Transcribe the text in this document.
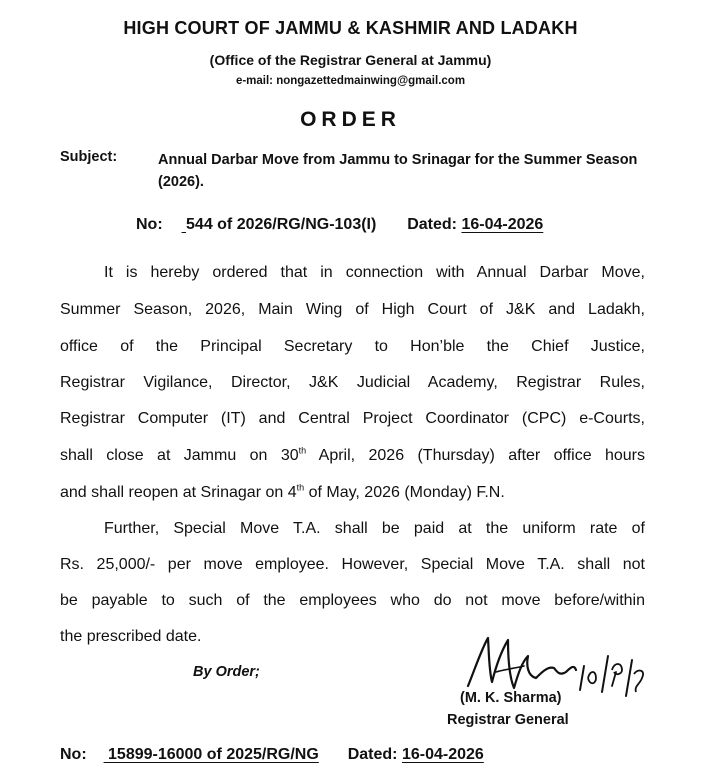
HIGH COURT OF JAMMU & KASHMIR AND LADAKH
(Office of the Registrar General at Jammu)
e-mail: nongazettedmainwing@gmail.com
ORDER
Subject:	Annual Darbar Move from Jammu to Srinagar for the Summer Season (2026).
No: 544 of 2026/RG/NG-103(I) Dated: 16-04-2026
It is hereby ordered that in connection with Annual Darbar Move,
Summer Season, 2026, Main Wing of High Court of J&K and Ladakh,
office of the Principal Secretary to Hon’ble the Chief Justice,
Registrar Vigilance, Director, J&K Judicial Academy, Registrar Rules,
Registrar Computer (IT) and Central Project Coordinator (CPC) e-Courts,
shall close at Jammu on 30th April, 2026 (Thursday) after office hours
and shall reopen at Srinagar on 4th of May, 2026 (Monday) F.N.
Further, Special Move T.A. shall be paid at the uniform rate of
Rs. 25,000/- per move employee. However, Special Move T.A. shall not
be payable to such of the employees who do not move before/within
the prescribed date.
By Order;
(M. K. Sharma)
Registrar General
No: 15899-16000 of 2025/RG/NG Dated: 16-04-2026
